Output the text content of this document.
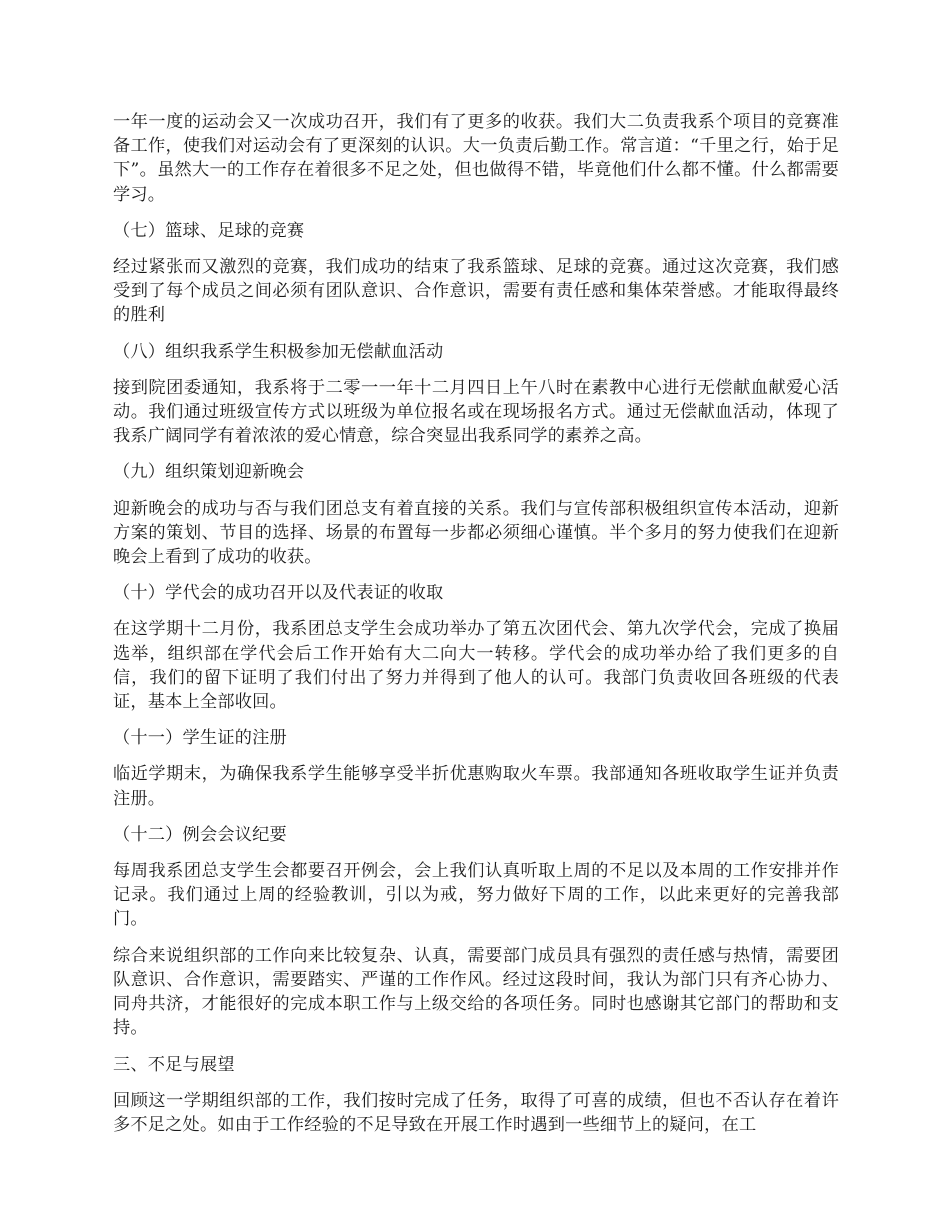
一年一度的运动会又一次成功召开，我们有了更多的收获。我们大二负责我系个项目的竞赛准备工作，使我们对运动会有了更深刻的认识。大一负责后勤工作。常言道：“千里之行，始于足下”。虽然大一的工作存在着很多不足之处，但也做得不错，毕竟他们什么都不懂。什么都需要学习。

（七）篮球、足球的竞赛

经过紧张而又激烈的竞赛，我们成功的结束了我系篮球、足球的竞赛。通过这次竞赛，我们感受到了每个成员之间必须有团队意识、合作意识，需要有责任感和集体荣誉感。才能取得最终的胜利

（八）组织我系学生积极参加无偿献血活动

接到院团委通知，我系将于二零一一年十二月四日上午八时在素教中心进行无偿献血献爱心活动。我们通过班级宣传方式以班级为单位报名或在现场报名方式。通过无偿献血活动，体现了我系广阔同学有着浓浓的爱心情意，综合突显出我系同学的素养之高。

（九）组织策划迎新晚会

迎新晚会的成功与否与我们团总支有着直接的关系。我们与宣传部积极组织宣传本活动，迎新方案的策划、节目的选择、场景的布置每一步都必须细心谨慎。半个多月的努力使我们在迎新晚会上看到了成功的收获。

（十）学代会的成功召开以及代表证的收取

在这学期十二月份，我系团总支学生会成功举办了第五次团代会、第九次学代会，完成了换届选举，组织部在学代会后工作开始有大二向大一转移。学代会的成功举办给了我们更多的自信，我们的留下证明了我们付出了努力并得到了他人的认可。我部门负责收回各班级的代表证，基本上全部收回。

（十一）学生证的注册

临近学期末，为确保我系学生能够享受半折优惠购取火车票。我部通知各班收取学生证并负责注册。

（十二）例会会议纪要

每周我系团总支学生会都要召开例会，会上我们认真听取上周的不足以及本周的工作安排并作记录。我们通过上周的经验教训，引以为戒，努力做好下周的工作，以此来更好的完善我部门。

综合来说组织部的工作向来比较复杂、认真，需要部门成员具有强烈的责任感与热情，需要团队意识、合作意识，需要踏实、严谨的工作作风。经过这段时间，我认为部门只有齐心协力、同舟共济，才能很好的完成本职工作与上级交给的各项任务。同时也感谢其它部门的帮助和支持。

三、不足与展望

回顾这一学期组织部的工作，我们按时完成了任务，取得了可喜的成绩，但也不否认存在着许多不足之处。如由于工作经验的不足导致在开展工作时遇到一些细节上的疑问，在工
